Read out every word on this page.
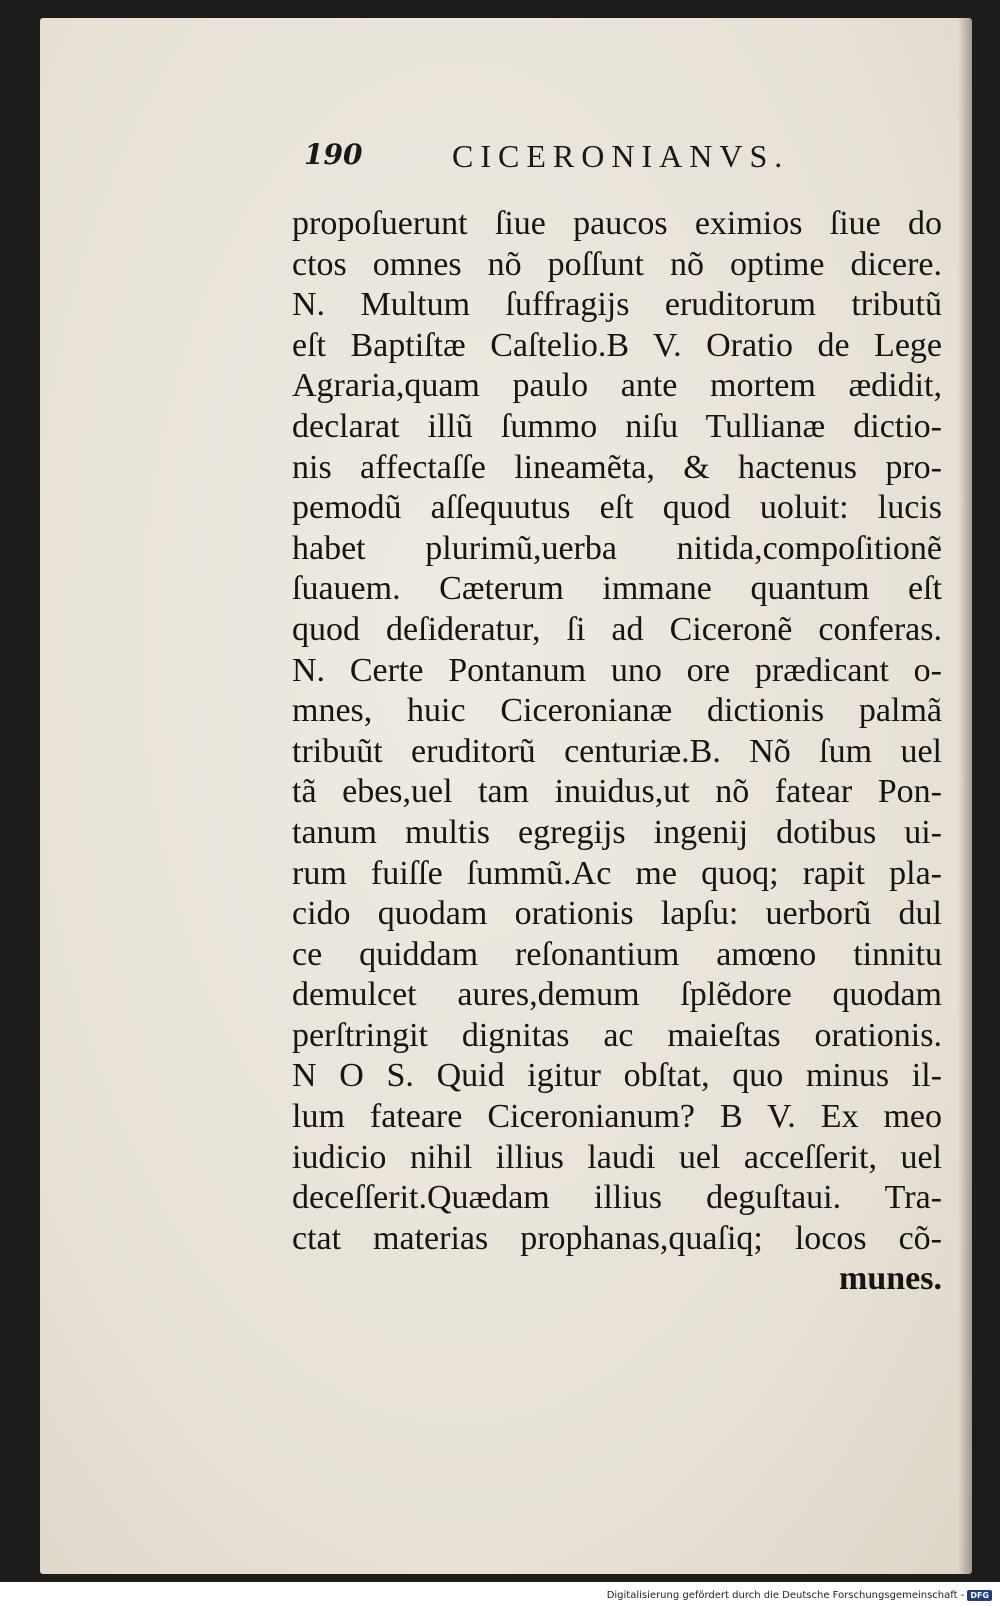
190	CICERONIANVS.
propoſuerunt ſiue paucos eximios ſiue do
ctos omnes nõ poſſunt nõ optime dicere.
N. Multum ſuffragijs eruditorum tributũ
eſt Baptiſtæ Caſtelio.B V. Oratio de Lege
Agraria,quam paulo ante mortem ædidit,
declarat illũ ſummo niſu Tullianæ dictio-
nis affectaſſe lineamẽta, & hactenus pro-
pemodũ aſſequutus eſt quod uoluit: lucis
habet plurimũ,uerba nitida,compoſitionẽ
ſuauem. Cæterum immane quantum eſt
quod deſideratur, ſi ad Ciceronẽ conferas.
N. Certe Pontanum uno ore prædicant o-
mnes, huic Ciceronianæ dictionis palmã
tribuũt eruditorũ centuriæ.B. Nõ ſum uel
tã ebes,uel tam inuidus,ut nõ fatear Pon-
tanum multis egregijs ingenij dotibus ui-
rum fuiſſe ſummũ.Ac me quoq; rapit pla-
cido quodam orationis lapſu: uerborũ dul
ce quiddam reſonantium amœno tinnitu
demulcet aures,demum ſplẽdore quodam
perſtringit dignitas ac maieſtas orationis.
N O S. Quid igitur obſtat, quo minus il-
lum fateare Ciceronianum? B V. Ex meo
iudicio nihil illius laudi uel acceſſerit, uel
deceſſerit.Quædam illius deguſtaui. Tra-
ctat materias prophanas,quaſiq; locos cõ-
munes.
Digitalisierung gefördert durch die Deutsche Forschungsgemeinschaft - DFG
